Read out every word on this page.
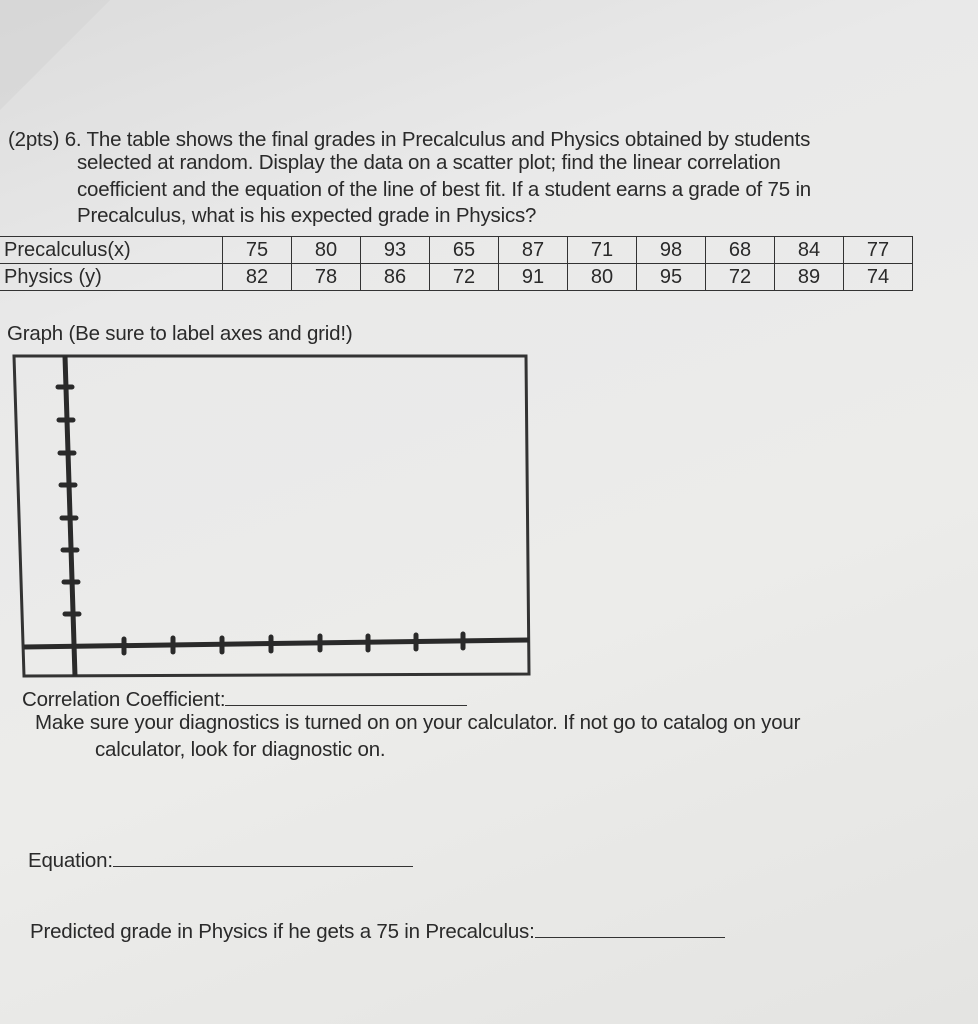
(2pts) 6. The table shows the final grades in Precalculus and Physics obtained by students
selected at random. Display the data on a scatter plot; find the linear correlation
coefficient and the equation of the line of best fit. If a student earns a grade of 75 in
Precalculus, what is his expected grade in Physics?
Precalculus(x)	75	80	93	65	87	71	98	68	84	77
Physics (y)	82	78	86	72	91	80	95	72	89	74
Graph (Be sure to label axes and grid!)
Correlation Coefficient:
Make sure your diagnostics is turned on on your calculator. If not go to catalog on your
calculator, look for diagnostic on.
Equation:
Predicted grade in Physics if he gets a 75 in Precalculus:
